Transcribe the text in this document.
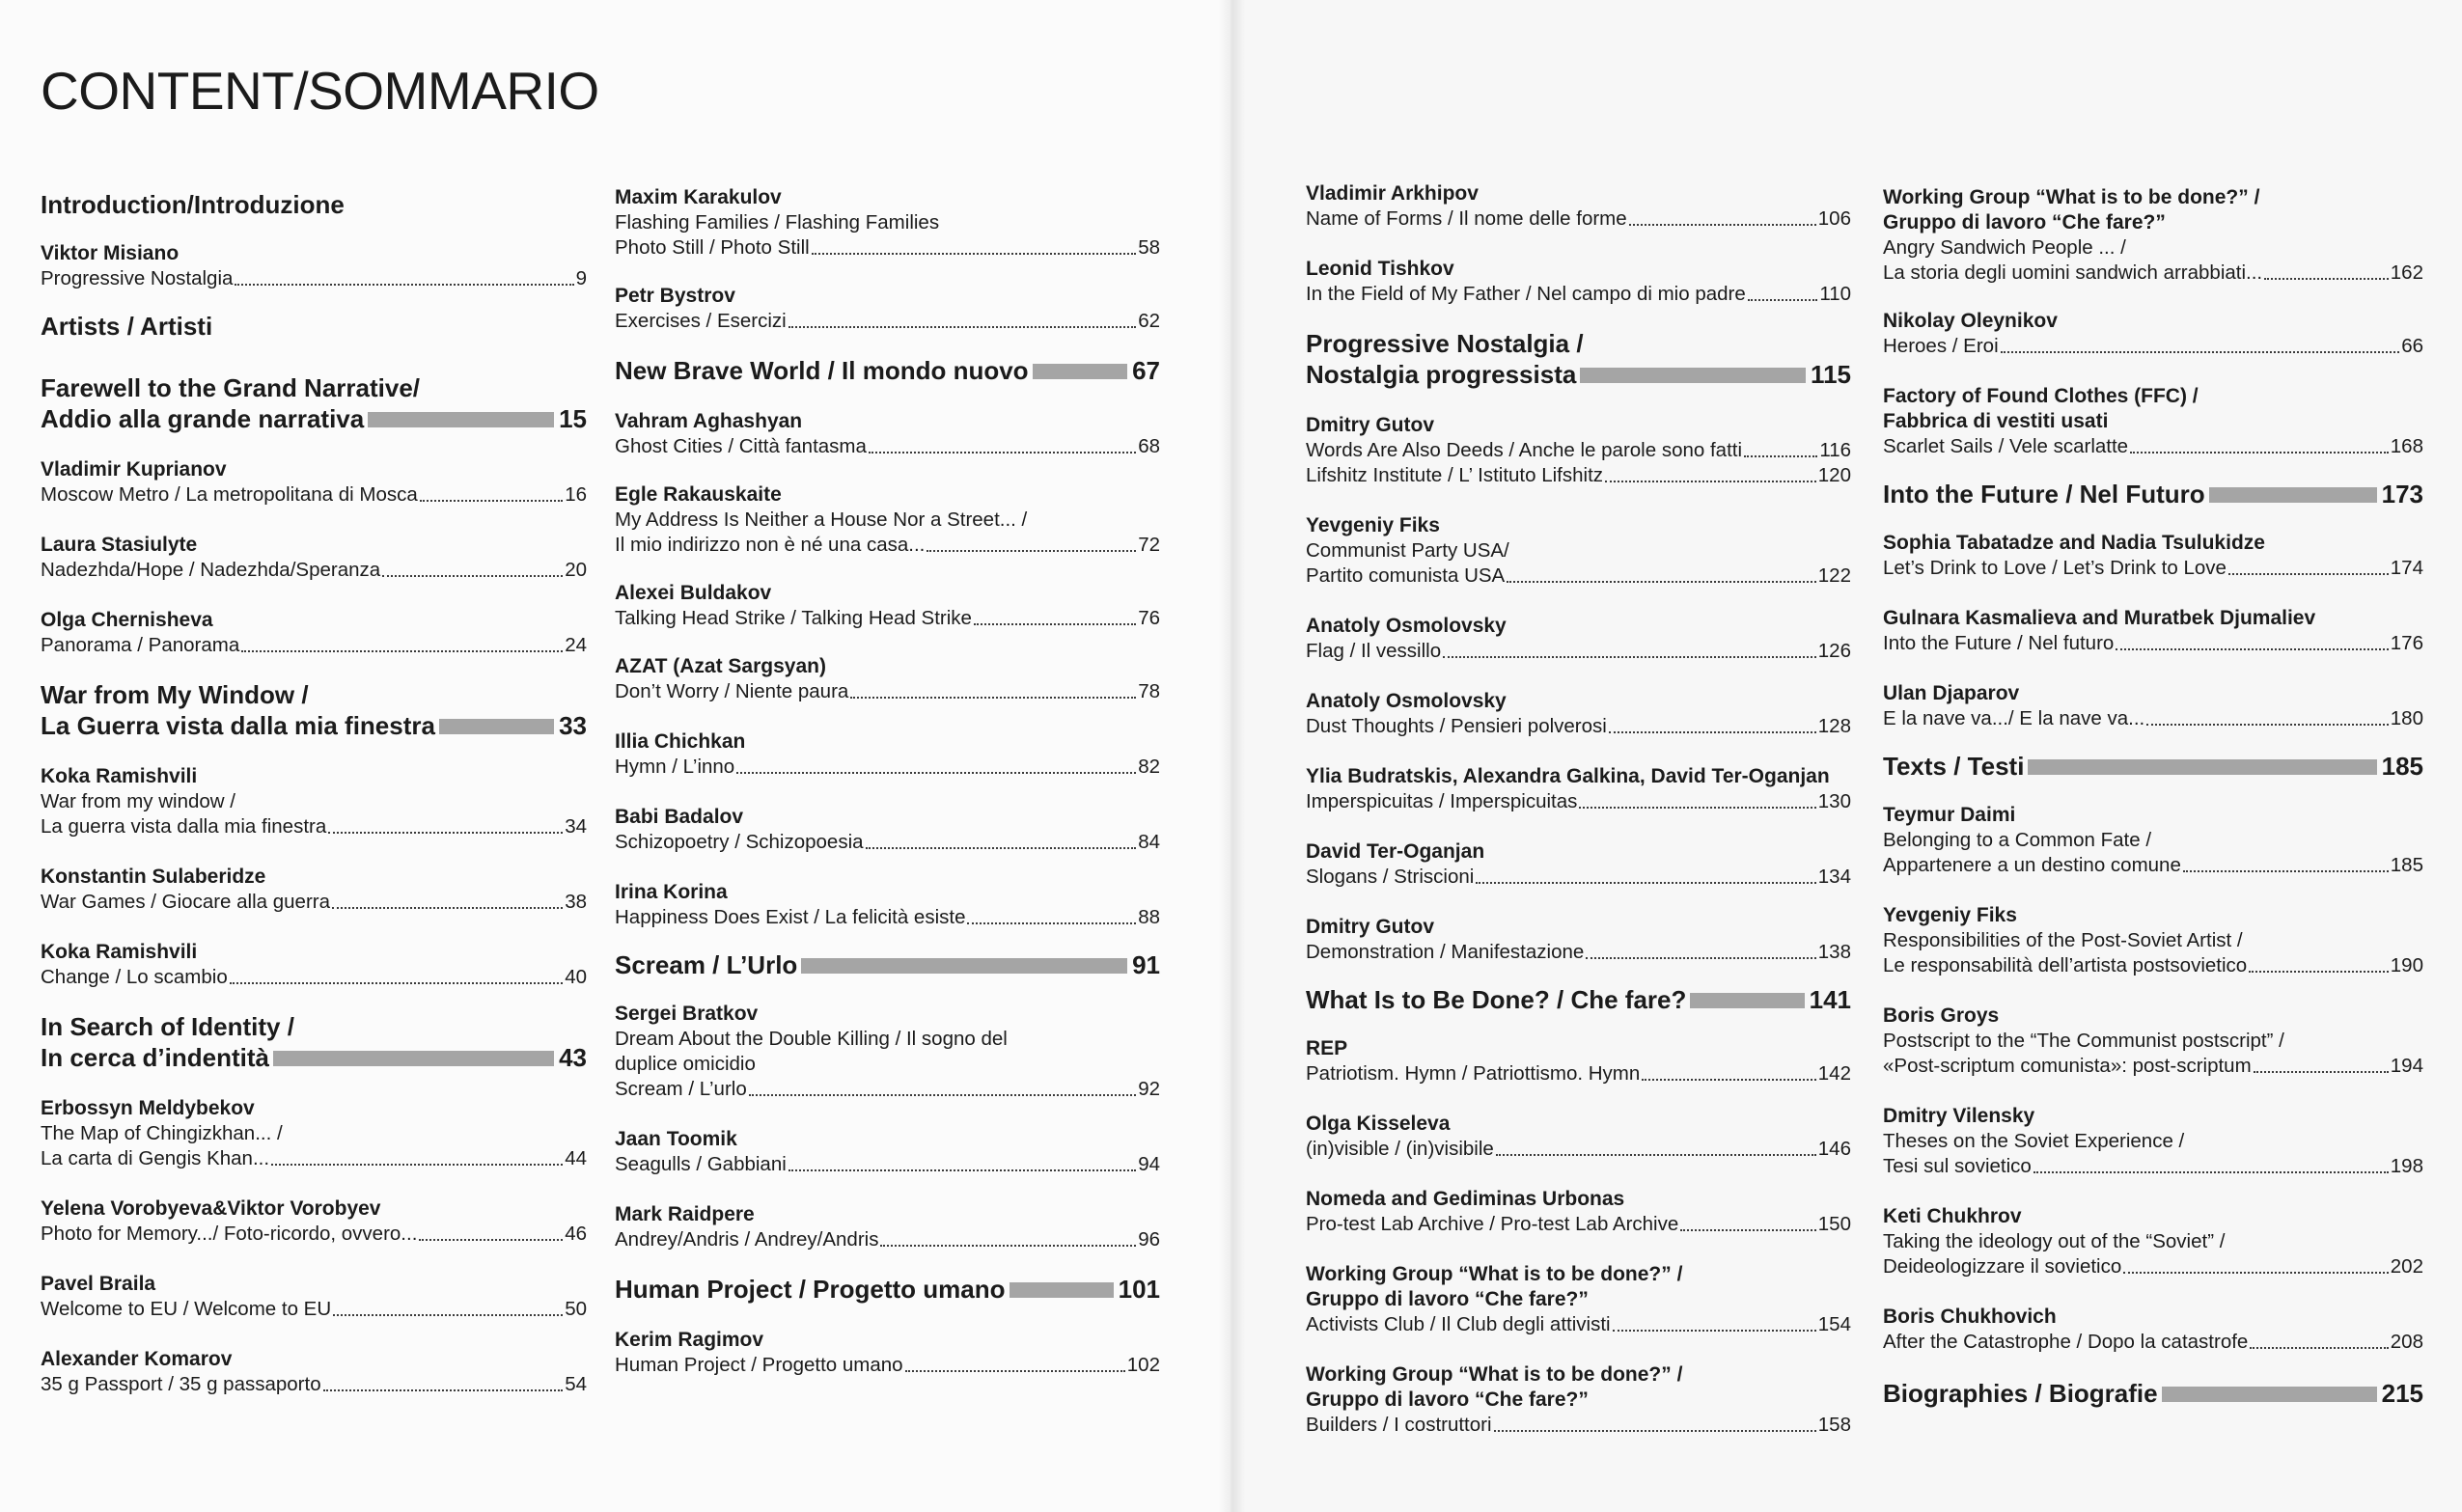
CONTENT/SOMMARIO
Introduction/Introduzione
Viktor Misiano
Progressive Nostalgia	9
Artists / Artisti
Farewell to the Grand Narrative/
Addio alla grande narrativa	15
Vladimir Kuprianov
Moscow Metro / La metropolitana di Mosca	16
Laura Stasiulyte
Nadezhda/Hope / Nadezhda/Speranza	20
Olga Chernisheva
Panorama / Panorama	24
War from My Window /
La Guerra vista dalla mia finestra	33
Koka Ramishvili
War from my window /
La guerra vista dalla mia finestra	34
Konstantin Sulaberidze
War Games / Giocare alla guerra	38
Koka Ramishvili
Change / Lo scambio	40
In Search of Identity /
In cerca d’indentità	43
Erbossyn Meldybekov
The Map of Chingizkhan... /
La carta di Gengis Khan...	44
Yelena Vorobyeva&Viktor Vorobyev
Photo for Memory.../ Foto-ricordo, ovvero...	46
Pavel Braila
Welcome to EU / Welcome to EU	50
Alexander Komarov
35 g Passport / 35 g passaporto	54
Maxim Karakulov
Flashing Families / Flashing Families
Photo Still / Photo Still	58
Petr Bystrov
Exercises / Esercizi	62
New Brave World / Il mondo nuovo	67
Vahram Aghashyan
Ghost Cities / Città fantasma	68
Egle Rakauskaite
My Address Is Neither a House Nor a Street... /
Il mio indirizzo non è né una casa...	72
Alexei Buldakov
Talking Head Strike / Talking Head Strike	76
AZAT (Azat Sargsyan)
Don’t Worry / Niente paura	78
Illia Chichkan
Hymn / L’inno	82
Babi Badalov
Schizopoetry / Schizopoesia	84
Irina Korina
Happiness Does Exist / La felicità esiste	88
Scream / L’Urlo	91
Sergei Bratkov
Dream About the Double Killing / Il sogno del
duplice omicidio
Scream / L’urlo	92
Jaan Toomik
Seagulls / Gabbiani	94
Mark Raidpere
Andrey/Andris / Andrey/Andris	96
Human Project / Progetto umano	101
Kerim Ragimov
Human Project / Progetto umano	102
Vladimir Arkhipov
Name of Forms / Il nome delle forme	106
Leonid Tishkov
In the Field of My Father / Nel campo di mio padre	110
Progressive Nostalgia /
Nostalgia progressista	115
Dmitry Gutov
Words Are Also Deeds / Anche le parole sono fatti	116
Lifshitz Institute / L’ Istituto Lifshitz	120
Yevgeniy Fiks
Communist Party USA/
Partito comunista USA	122
Anatoly Osmolovsky
Flag / Il vessillo	126
Anatoly Osmolovsky
Dust Thoughts / Pensieri polverosi	128
Ylia Budratskis, Alexandra Galkina, David Ter-Oganjan
Imperspicuitas / Imperspicuitas	130
David Ter-Oganjan
Slogans / Striscioni	134
Dmitry Gutov
Demonstration / Manifestazione	138
What Is to Be Done? / Che fare?	141
REP
Patriotism. Hymn / Patriottismo. Hymn	142
Olga Kisseleva
(in)visible / (in)visibile	146
Nomeda and Gediminas Urbonas
Pro-test Lab Archive / Pro-test Lab Archive	150
Working Group “What is to be done?” /
Gruppo di lavoro “Che fare?”
Activists Club / Il Club degli attivisti	154
Working Group “What is to be done?” /
Gruppo di lavoro “Che fare?”
Builders / I costruttori	158
Working Group “What is to be done?” /
Gruppo di lavoro “Che fare?”
Angry Sandwich People ... /
La storia degli uomini sandwich arrabbiati...	162
Nikolay Oleynikov
Heroes / Eroi	66
Factory of Found Clothes (FFC) /
Fabbrica di vestiti usati
Scarlet Sails / Vele scarlatte	168
Into the Future / Nel Futuro	173
Sophia Tabatadze and Nadia Tsulukidze
Let’s Drink to Love / Let’s Drink to Love	174
Gulnara Kasmalieva and Muratbek Djumaliev
Into the Future / Nel futuro	176
Ulan Djaparov
E la nave va.../ E la nave va...	180
Texts / Testi	185
Teymur Daimi
Belonging to a Common Fate /
Appartenere a un destino comune	185
Yevgeniy Fiks
Responsibilities of the Post-Soviet Artist /
Le responsabilità dell’artista postsovietico	190
Boris Groys
Postscript to the “The Communist postscript” /
«Post-scriptum comunista»: post-scriptum	194
Dmitry Vilensky
Theses on the Soviet Experience /
Tesi sul sovietico	198
Keti Chukhrov
Taking the ideology out of the “Soviet” /
Deideologizzare il sovietico	202
Boris Chukhovich
After the Catastrophe / Dopo la catastrofe	208
Biographies / Biografie	215
